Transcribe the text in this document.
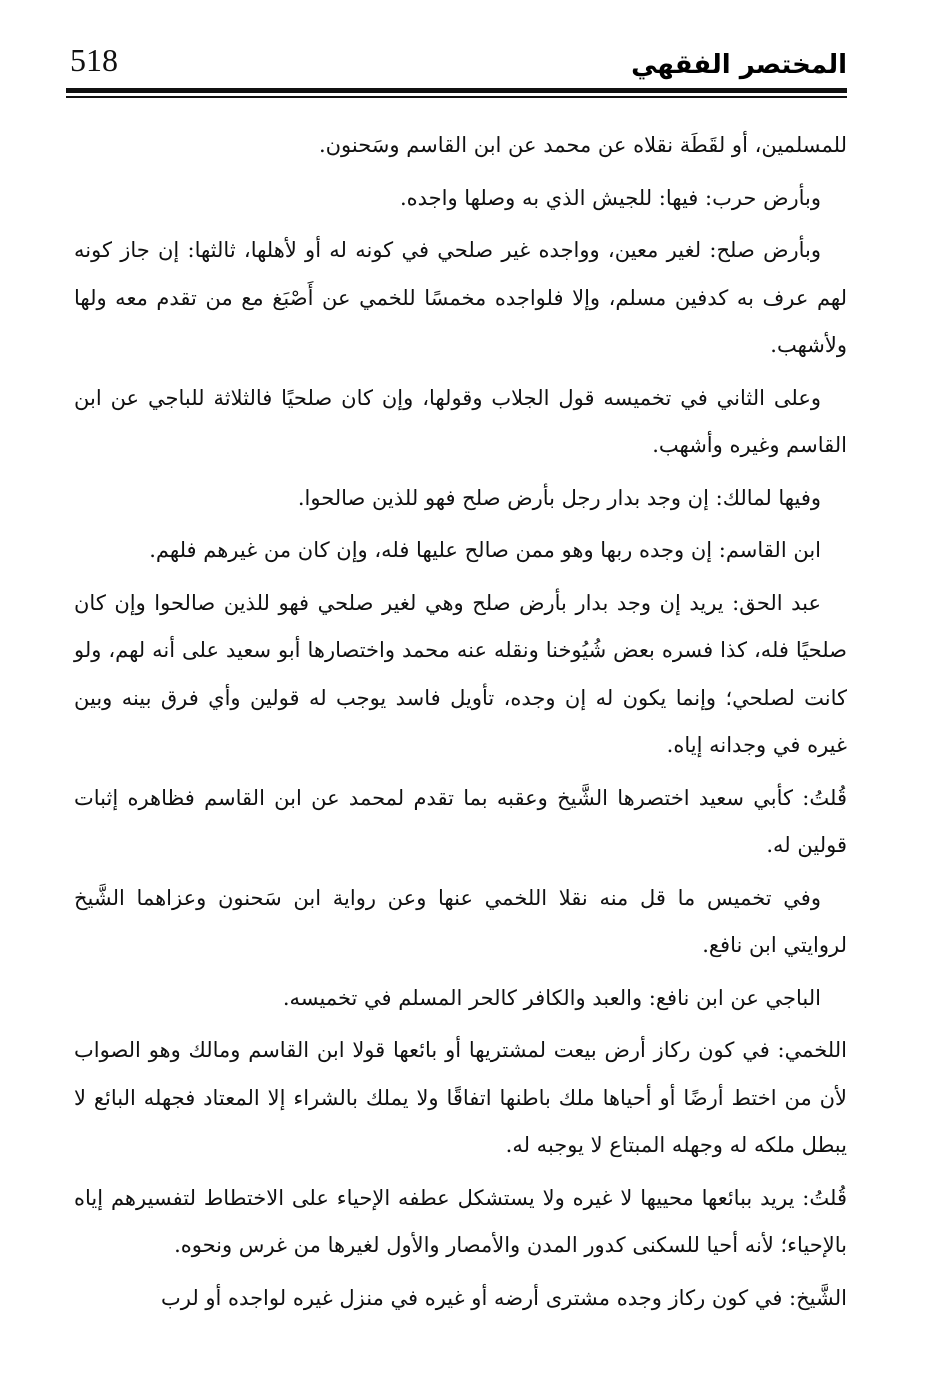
518	المختصر الفقهي

للمسلمين، أو لقَطَة نقلاه عن محمد عن ابن القاسم وسَحنون.

وبأرض حرب: فيها: للجيش الذي به وصلها واجده.

وبأرض صلح: لغير معين، وواجده غير صلحي في كونه له أو لأهلها، ثالثها: إن جاز كونه لهم عرف به كدفين مسلم، وإلا فلواجده مخمسًا للخمي عن أَصْبَغ مع من تقدم معه ولها ولأشهب.

وعلى الثاني في تخميسه قول الجلاب وقولها، وإن كان صلحيًا فالثلاثة للباجي عن ابن القاسم وغيره وأشهب.

وفيها لمالك: إن وجد بدار رجل بأرض صلح فهو للذين صالحوا.

ابن القاسم: إن وجده ربها وهو ممن صالح عليها فله، وإن كان من غيرهم فلهم.

عبد الحق: يريد إن وجد بدار بأرض صلح وهي لغير صلحي فهو للذين صالحوا وإن كان صلحيًا فله، كذا فسره بعض شُيُوخنا ونقله عنه محمد واختصارها أبو سعيد على أنه لهم، ولو كانت لصلحي؛ وإنما يكون له إن وجده، تأويل فاسد يوجب له قولين وأي فرق بينه وبين غيره في وجدانه إياه.

قُلتُ: كأبي سعيد اختصرها الشَّيخ وعقبه بما تقدم لمحمد عن ابن القاسم فظاهره إثبات قولين له.

وفي تخميس ما قل منه نقلا اللخمي عنها وعن رواية ابن سَحنون وعزاهما الشَّيخ لروايتي ابن نافع.

الباجي عن ابن نافع: والعبد والكافر كالحر المسلم في تخميسه.

اللخمي: في كون ركاز أرض بيعت لمشتريها أو بائعها قولا ابن القاسم ومالك وهو الصواب لأن من اختط أرضًا أو أحياها ملك باطنها اتفاقًا ولا يملك بالشراء إلا المعتاد فجهله البائع لا يبطل ملكه له وجهله المبتاع لا يوجبه له.

قُلتُ: يريد ببائعها محييها لا غيره ولا يستشكل عطفه الإحياء على الاختطاط لتفسيرهم إياه بالإحياء؛ لأنه أحيا للسكنى كدور المدن والأمصار والأول لغيرها من غرس ونحوه.

الشَّيخ: في كون ركاز وجده مشترى أرضه أو غيره في منزل غيره لواجده أو لرب
